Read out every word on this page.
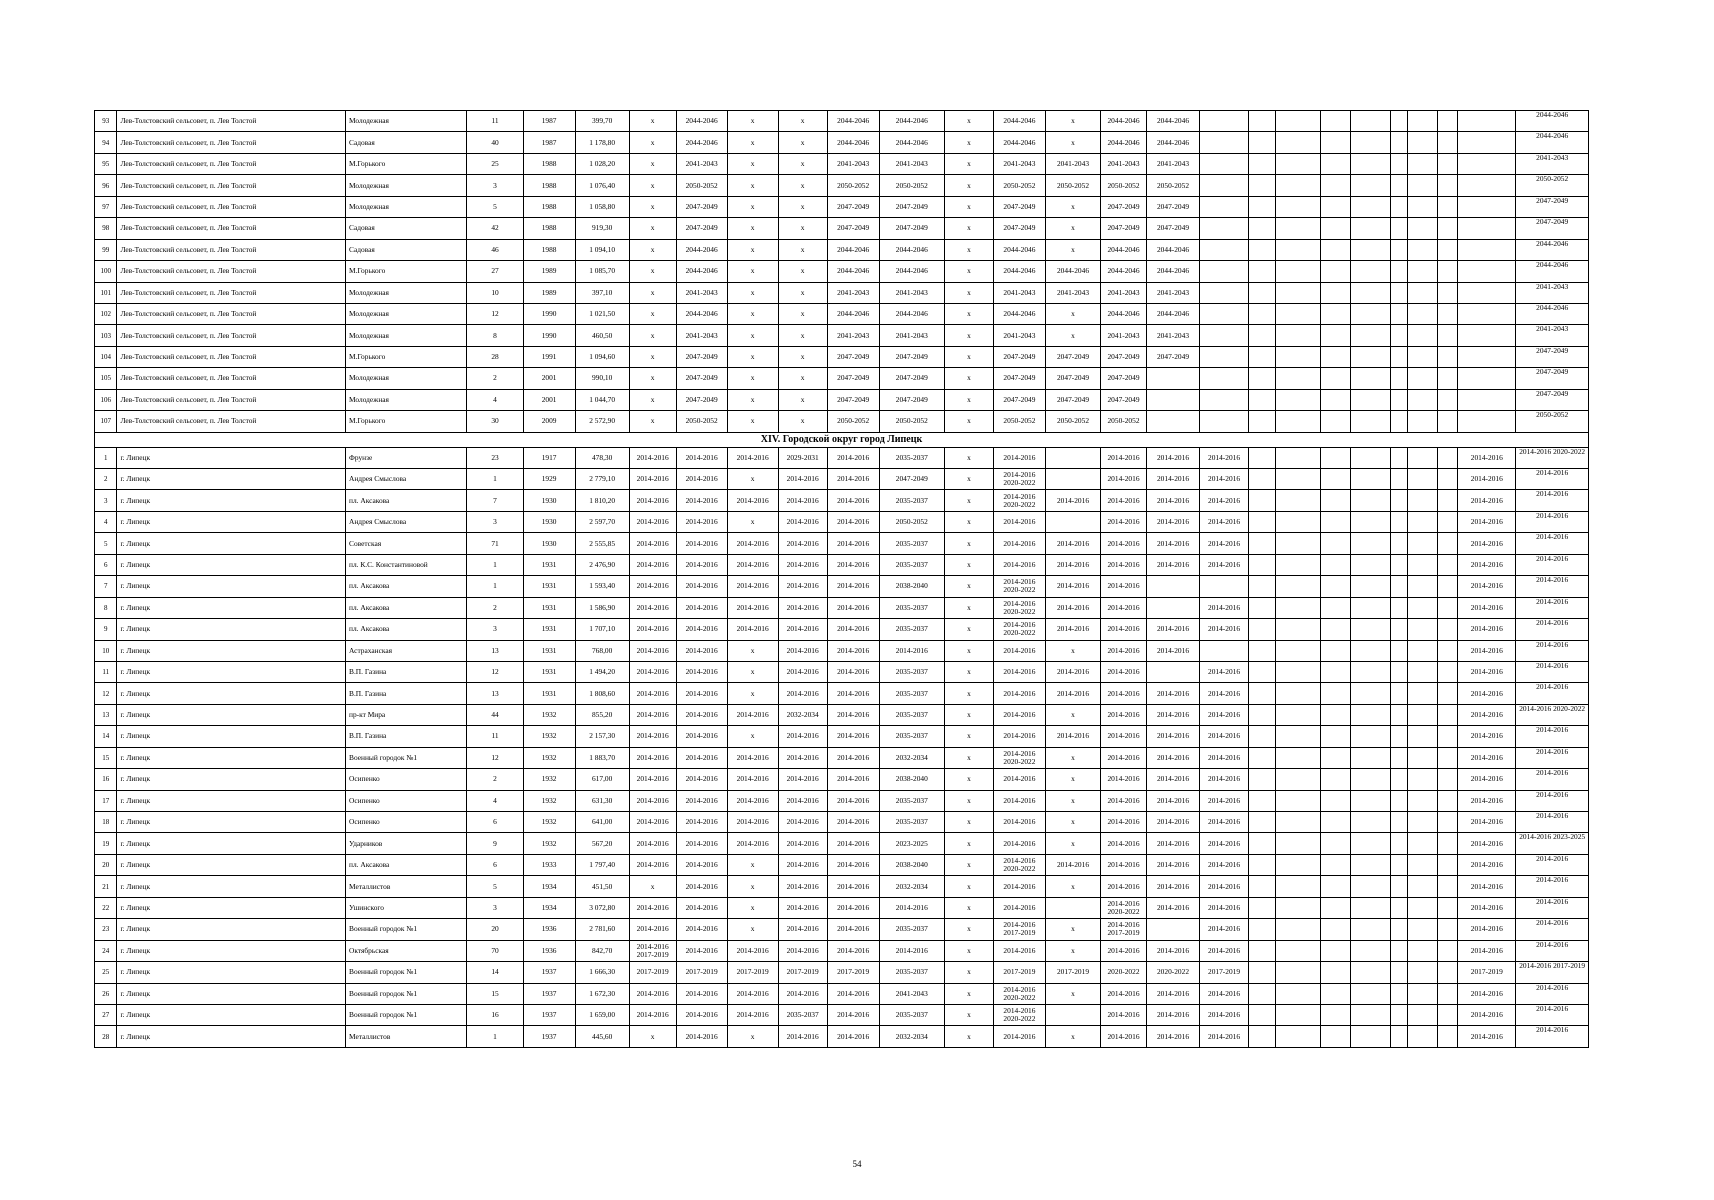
93	Лев-Толстовский сельсовет, п. Лев Толстой	Молодежная	11	1987	399,70	x	2044-2046	x	x	2044-2046	2044-2046	x	2044-2046	x	2044-2046	2044-2046										2044-2046
94	Лев-Толстовский сельсовет, п. Лев Толстой	Садовая	40	1987	1 178,80	x	2044-2046	x	x	2044-2046	2044-2046	x	2044-2046	x	2044-2046	2044-2046										2044-2046
95	Лев-Толстовский сельсовет, п. Лев Толстой	М.Горького	25	1988	1 028,20	x	2041-2043	x	x	2041-2043	2041-2043	x	2041-2043	2041-2043	2041-2043	2041-2043										2041-2043
96	Лев-Толстовский сельсовет, п. Лев Толстой	Молодежная	3	1988	1 076,40	x	2050-2052	x	x	2050-2052	2050-2052	x	2050-2052	2050-2052	2050-2052	2050-2052										2050-2052
97	Лев-Толстовский сельсовет, п. Лев Толстой	Молодежная	5	1988	1 058,80	x	2047-2049	x	x	2047-2049	2047-2049	x	2047-2049	x	2047-2049	2047-2049										2047-2049
98	Лев-Толстовский сельсовет, п. Лев Толстой	Садовая	42	1988	919,30	x	2047-2049	x	x	2047-2049	2047-2049	x	2047-2049	x	2047-2049	2047-2049										2047-2049
99	Лев-Толстовский сельсовет, п. Лев Толстой	Садовая	46	1988	1 094,10	x	2044-2046	x	x	2044-2046	2044-2046	x	2044-2046	x	2044-2046	2044-2046										2044-2046
100	Лев-Толстовский сельсовет, п. Лев Толстой	М.Горького	27	1989	1 085,70	x	2044-2046	x	x	2044-2046	2044-2046	x	2044-2046	2044-2046	2044-2046	2044-2046										2044-2046
101	Лев-Толстовский сельсовет, п. Лев Толстой	Молодежная	10	1989	397,10	x	2041-2043	x	x	2041-2043	2041-2043	x	2041-2043	2041-2043	2041-2043	2041-2043										2041-2043
102	Лев-Толстовский сельсовет, п. Лев Толстой	Молодежная	12	1990	1 021,50	x	2044-2046	x	x	2044-2046	2044-2046	x	2044-2046	x	2044-2046	2044-2046										2044-2046
103	Лев-Толстовский сельсовет, п. Лев Толстой	Молодежная	8	1990	460,50	x	2041-2043	x	x	2041-2043	2041-2043	x	2041-2043	x	2041-2043	2041-2043										2041-2043
104	Лев-Толстовский сельсовет, п. Лев Толстой	М.Горького	28	1991	1 094,60	x	2047-2049	x	x	2047-2049	2047-2049	x	2047-2049	2047-2049	2047-2049	2047-2049										2047-2049
105	Лев-Толстовский сельсовет, п. Лев Толстой	Молодежная	2	2001	990,10	x	2047-2049	x	x	2047-2049	2047-2049	x	2047-2049	2047-2049	2047-2049											2047-2049
106	Лев-Толстовский сельсовет, п. Лев Толстой	Молодежная	4	2001	1 044,70	x	2047-2049	x	x	2047-2049	2047-2049	x	2047-2049	2047-2049	2047-2049											2047-2049
107	Лев-Толстовский сельсовет, п. Лев Толстой	М.Горького	30	2009	2 572,90	x	2050-2052	x	x	2050-2052	2050-2052	x	2050-2052	2050-2052	2050-2052											2050-2052
XIV. Городской округ город Липецк																										
1	г. Липецк	Фрунзе	23	1917	478,30	2014-2016	2014-2016	2014-2016	2029-2031	2014-2016	2035-2037	x	2014-2016		2014-2016	2014-2016	2014-2016								2014-2016	2014-2016 2020-2022
2	г. Липецк	Андрея Смыслова	1	1929	2 779,10	2014-2016	2014-2016	x	2014-2016	2014-2016	2047-2049	x	2014-2016 2020-2022		2014-2016	2014-2016	2014-2016								2014-2016	2014-2016
3	г. Липецк	пл. Аксакова	7	1930	1 810,20	2014-2016	2014-2016	2014-2016	2014-2016	2014-2016	2035-2037	x	2014-2016 2020-2022	2014-2016	2014-2016	2014-2016	2014-2016								2014-2016	2014-2016
4	г. Липецк	Андрея Смыслова	3	1930	2 597,70	2014-2016	2014-2016	x	2014-2016	2014-2016	2050-2052	x	2014-2016		2014-2016	2014-2016	2014-2016								2014-2016	2014-2016
5	г. Липецк	Советская	71	1930	2 555,85	2014-2016	2014-2016	2014-2016	2014-2016	2014-2016	2035-2037	x	2014-2016	2014-2016	2014-2016	2014-2016	2014-2016								2014-2016	2014-2016
6	г. Липецк	пл. К.С. Константиновой	1	1931	2 476,90	2014-2016	2014-2016	2014-2016	2014-2016	2014-2016	2035-2037	x	2014-2016	2014-2016	2014-2016	2014-2016	2014-2016								2014-2016	2014-2016
7	г. Липецк	пл. Аксакова	1	1931	1 593,40	2014-2016	2014-2016	2014-2016	2014-2016	2014-2016	2038-2040	x	2014-2016 2020-2022	2014-2016	2014-2016										2014-2016	2014-2016
8	г. Липецк	пл. Аксакова	2	1931	1 586,90	2014-2016	2014-2016	2014-2016	2014-2016	2014-2016	2035-2037	x	2014-2016 2020-2022	2014-2016	2014-2016		2014-2016								2014-2016	2014-2016
9	г. Липецк	пл. Аксакова	3	1931	1 707,10	2014-2016	2014-2016	2014-2016	2014-2016	2014-2016	2035-2037	x	2014-2016 2020-2022	2014-2016	2014-2016	2014-2016	2014-2016								2014-2016	2014-2016
10	г. Липецк	Астраханская	13	1931	768,00	2014-2016	2014-2016	x	2014-2016	2014-2016	2014-2016	x	2014-2016	x	2014-2016	2014-2016									2014-2016	2014-2016
11	г. Липецк	В.П. Газина	12	1931	1 494,20	2014-2016	2014-2016	x	2014-2016	2014-2016	2035-2037	x	2014-2016	2014-2016	2014-2016		2014-2016								2014-2016	2014-2016
12	г. Липецк	В.П. Газина	13	1931	1 808,60	2014-2016	2014-2016	x	2014-2016	2014-2016	2035-2037	x	2014-2016	2014-2016	2014-2016	2014-2016	2014-2016								2014-2016	2014-2016
13	г. Липецк	пр-кт Мира	44	1932	855,20	2014-2016	2014-2016	2014-2016	2032-2034	2014-2016	2035-2037	x	2014-2016	x	2014-2016	2014-2016	2014-2016								2014-2016	2014-2016 2020-2022
14	г. Липецк	В.П. Газина	11	1932	2 157,30	2014-2016	2014-2016	x	2014-2016	2014-2016	2035-2037	x	2014-2016	2014-2016	2014-2016	2014-2016	2014-2016								2014-2016	2014-2016
15	г. Липецк	Военный городок №1	12	1932	1 883,70	2014-2016	2014-2016	2014-2016	2014-2016	2014-2016	2032-2034	x	2014-2016 2020-2022	x	2014-2016	2014-2016	2014-2016								2014-2016	2014-2016
16	г. Липецк	Осипенко	2	1932	617,00	2014-2016	2014-2016	2014-2016	2014-2016	2014-2016	2038-2040	x	2014-2016	x	2014-2016	2014-2016	2014-2016								2014-2016	2014-2016
17	г. Липецк	Осипенко	4	1932	631,30	2014-2016	2014-2016	2014-2016	2014-2016	2014-2016	2035-2037	x	2014-2016	x	2014-2016	2014-2016	2014-2016								2014-2016	2014-2016
18	г. Липецк	Осипенко	6	1932	641,00	2014-2016	2014-2016	2014-2016	2014-2016	2014-2016	2035-2037	x	2014-2016	x	2014-2016	2014-2016	2014-2016								2014-2016	2014-2016
19	г. Липецк	Ударников	9	1932	567,20	2014-2016	2014-2016	2014-2016	2014-2016	2014-2016	2023-2025	x	2014-2016	x	2014-2016	2014-2016	2014-2016								2014-2016	2014-2016 2023-2025
20	г. Липецк	пл. Аксакова	6	1933	1 797,40	2014-2016	2014-2016	x	2014-2016	2014-2016	2038-2040	x	2014-2016 2020-2022	2014-2016	2014-2016	2014-2016	2014-2016								2014-2016	2014-2016
21	г. Липецк	Металлистов	5	1934	451,50	x	2014-2016	x	2014-2016	2014-2016	2032-2034	x	2014-2016	x	2014-2016	2014-2016	2014-2016								2014-2016	2014-2016
22	г. Липецк	Ушинского	3	1934	3 072,80	2014-2016	2014-2016	x	2014-2016	2014-2016	2014-2016	x	2014-2016		2014-2016 2020-2022	2014-2016	2014-2016								2014-2016	2014-2016
23	г. Липецк	Военный городок №1	20	1936	2 781,60	2014-2016	2014-2016	x	2014-2016	2014-2016	2035-2037	x	2014-2016 2017-2019	x	2014-2016 2017-2019		2014-2016								2014-2016	2014-2016
24	г. Липецк	Октябрьская	70	1936	842,70	2014-2016 2017-2019	2014-2016	2014-2016	2014-2016	2014-2016	2014-2016	x	2014-2016	x	2014-2016	2014-2016	2014-2016								2014-2016	2014-2016
25	г. Липецк	Военный городок №1	14	1937	1 666,30	2017-2019	2017-2019	2017-2019	2017-2019	2017-2019	2035-2037	x	2017-2019	2017-2019	2020-2022	2020-2022	2017-2019								2017-2019	2014-2016 2017-2019
26	г. Липецк	Военный городок №1	15	1937	1 672,30	2014-2016	2014-2016	2014-2016	2014-2016	2014-2016	2041-2043	x	2014-2016 2020-2022	x	2014-2016	2014-2016	2014-2016								2014-2016	2014-2016
27	г. Липецк	Военный городок №1	16	1937	1 659,00	2014-2016	2014-2016	2014-2016	2035-2037	2014-2016	2035-2037	x	2014-2016 2020-2022		2014-2016	2014-2016	2014-2016								2014-2016	2014-2016
28	г. Липецк	Металлистов	1	1937	445,60	x	2014-2016	x	2014-2016	2014-2016	2032-2034	x	2014-2016	x	2014-2016	2014-2016	2014-2016								2014-2016	2014-2016
54
